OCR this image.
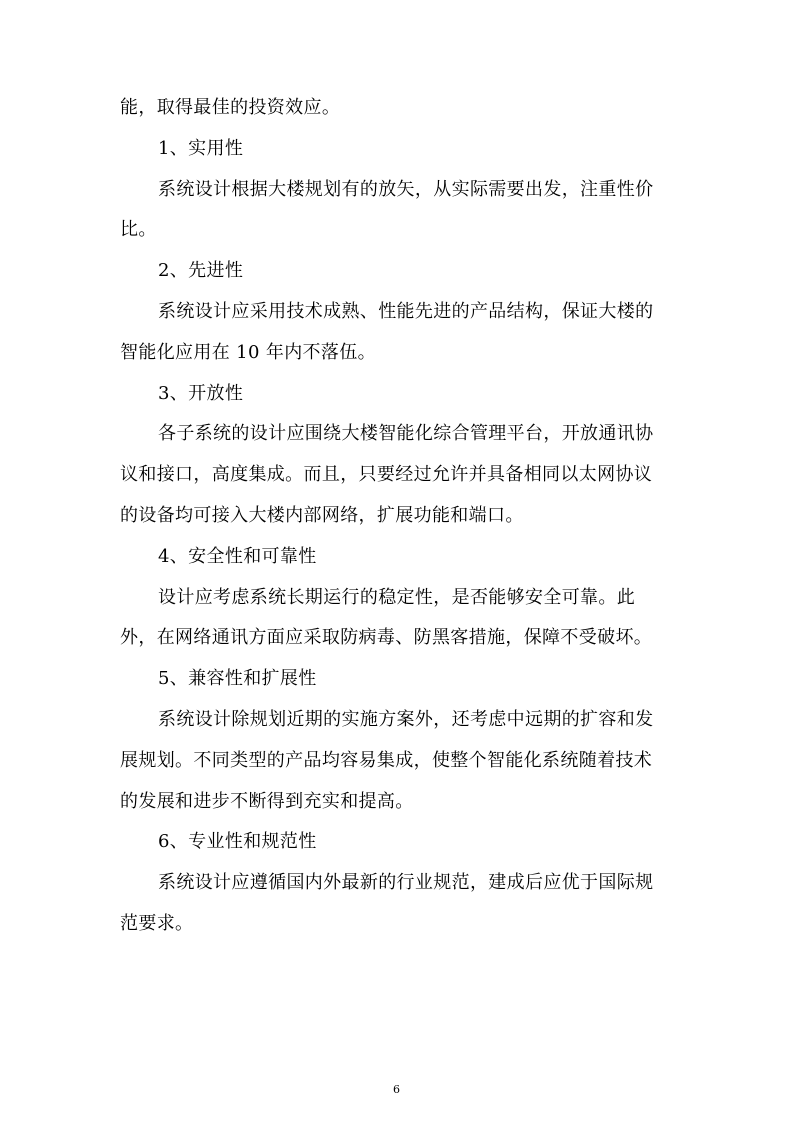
能，取得最佳的投资效应。

1、实用性

系统设计根据大楼规划有的放矢，从实际需要出发，注重性价比。

2、先进性

系统设计应采用技术成熟、性能先进的产品结构，保证大楼的智能化应用在 10 年内不落伍。

3、开放性

各子系统的设计应围绕大楼智能化综合管理平台，开放通讯协议和接口，高度集成。而且，只要经过允许并具备相同以太网协议的设备均可接入大楼内部网络，扩展功能和端口。

4、安全性和可靠性

设计应考虑系统长期运行的稳定性，是否能够安全可靠。此外，在网络通讯方面应采取防病毒、防黑客措施，保障不受破坏。

5、兼容性和扩展性

系统设计除规划近期的实施方案外，还考虑中远期的扩容和发展规划。不同类型的产品均容易集成，使整个智能化系统随着技术的发展和进步不断得到充实和提高。

6、专业性和规范性

系统设计应遵循国内外最新的行业规范，建成后应优于国际规范要求。

6
